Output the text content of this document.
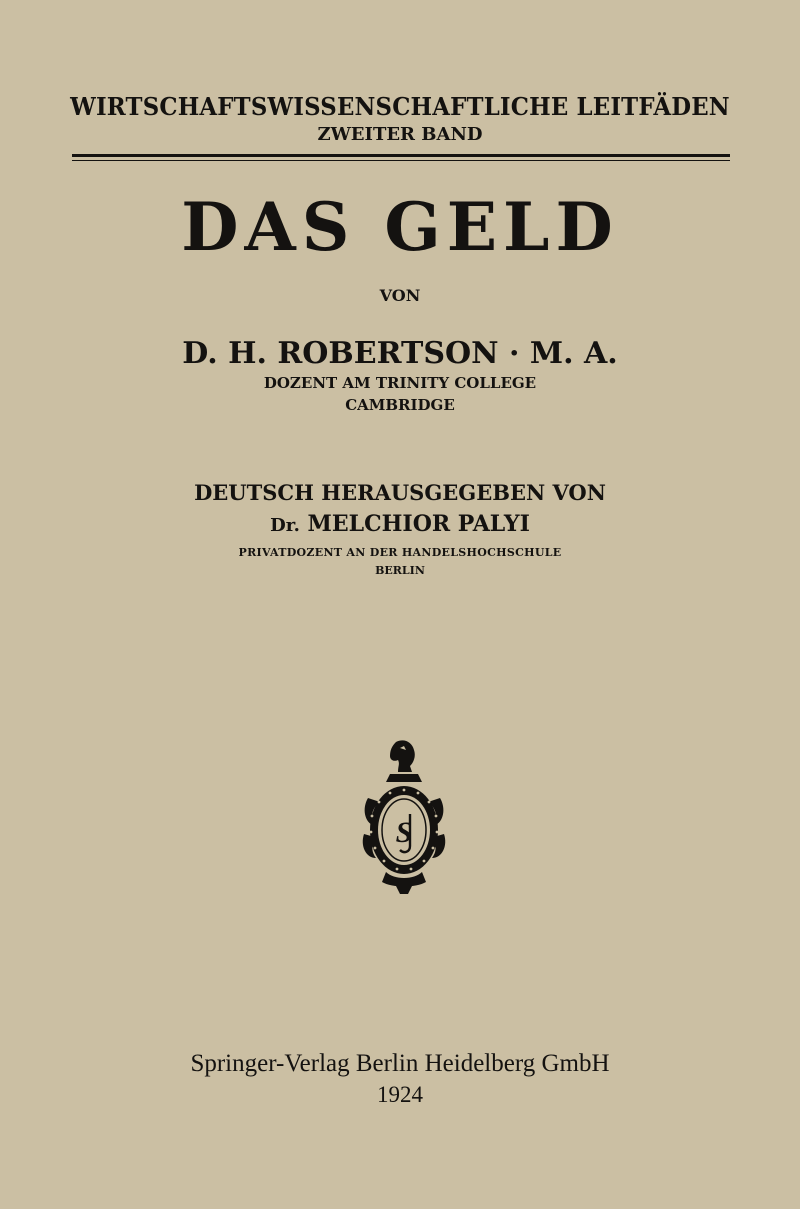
WIRTSCHAFTSWISSENSCHAFTLICHE LEITFÄDEN
ZWEITER BAND
DAS GELD
VON
D. H. ROBERTSON · M. A.
DOZENT AM TRINITY COLLEGE
CAMBRIDGE
DEUTSCH HERAUSGEGEBEN VON
Dr. MELCHIOR PALYI
PRIVATDOZENT AN DER HANDELSHOCHSCHULE
BERLIN
S
Springer-Verlag Berlin Heidelberg GmbH
1924
